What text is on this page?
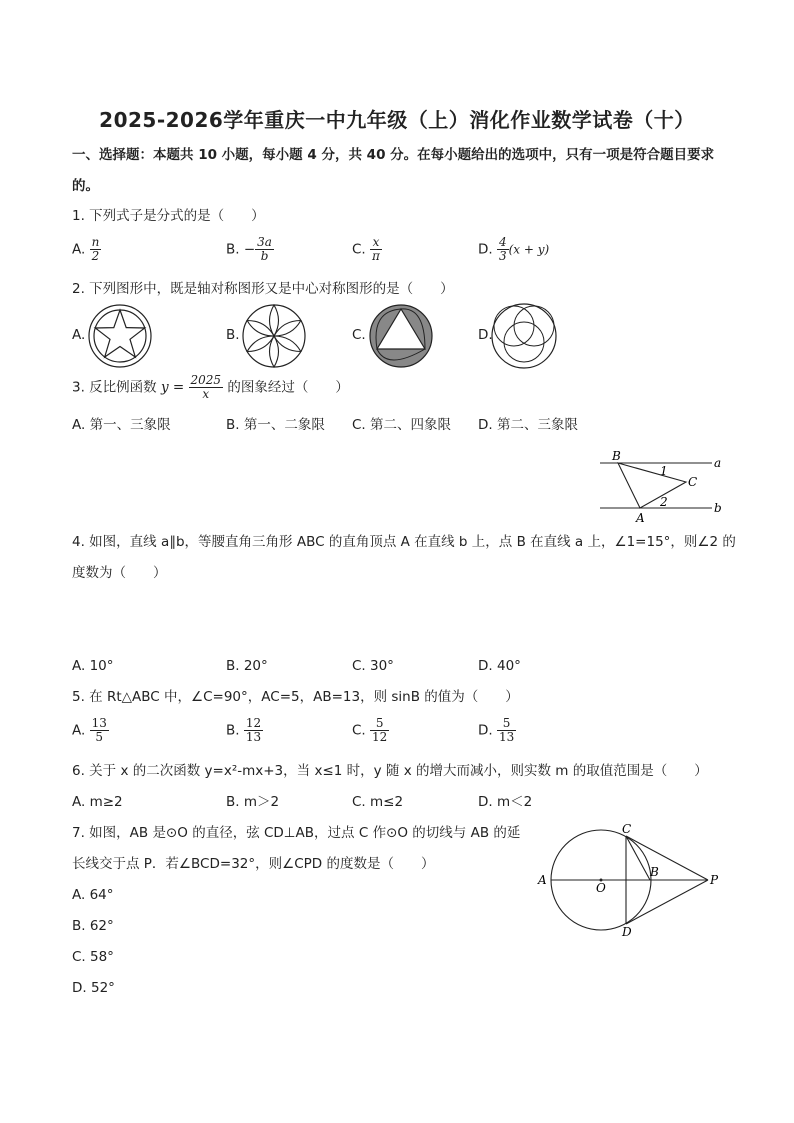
2025-2026学年重庆一中九年级（上）消化作业数学试卷（十）
一、选择题：本题共 10 小题，每小题 4 分，共 40 分。在每小题给出的选项中，只有一项是符合题目要求
的。
1. 下列式子是分式的是（　　）
A. $\frac{n}{2}$	B. − $\frac{3a}{b}$	C. $\frac{x}{\pi}$	D. $\frac{4}{3} (x + y)$
2. 下列图形中，既是轴对称图形又是中心对称图形的是（　　）
A.	B.	C.	D.
3. 反比例函数 $y = \frac{2025}{x}$ 的图象经过（　　）
A. 第一、三象限	B. 第一、二象限 C. 第二、四象限 D. 第二、三象限
B	a
1
C
2	b
A
4. 如图，直线 a∥b，等腰直角三角形 ABC 的直角顶点 A 在直线 b 上，点 B 在直线 a 上，∠1=15°，则∠2 的
度数为（　　）
A. 10°	B. 20°	C. 30°	D. 40°
5. 在 Rt△ABC 中，∠C=90°，AC=5，AB=13，则 sinB 的值为（　　）
A. $\frac{13}{5}$	B. $\frac{12}{13}$	C. $\frac{5}{12}$	D. $\frac{5}{13}$
6. 关于 x 的二次函数 y=x²-mx+3，当 x≤1 时，y 随 x 的增大而减小，则实数 m 的取值范围是（　　）
A. m≥2	B. m＞2	C. m≤2	D. m＜2
7. 如图，AB 是⊙O 的直径，弦 CD⊥AB，过点 C 作⊙O 的切线与 AB 的延
长线交于点 P．若∠BCD=32°，则∠CPD 的度数是（　　）
A. 64°
B. 62°
C. 58°
D. 52°
C
A
O
B
P
D
